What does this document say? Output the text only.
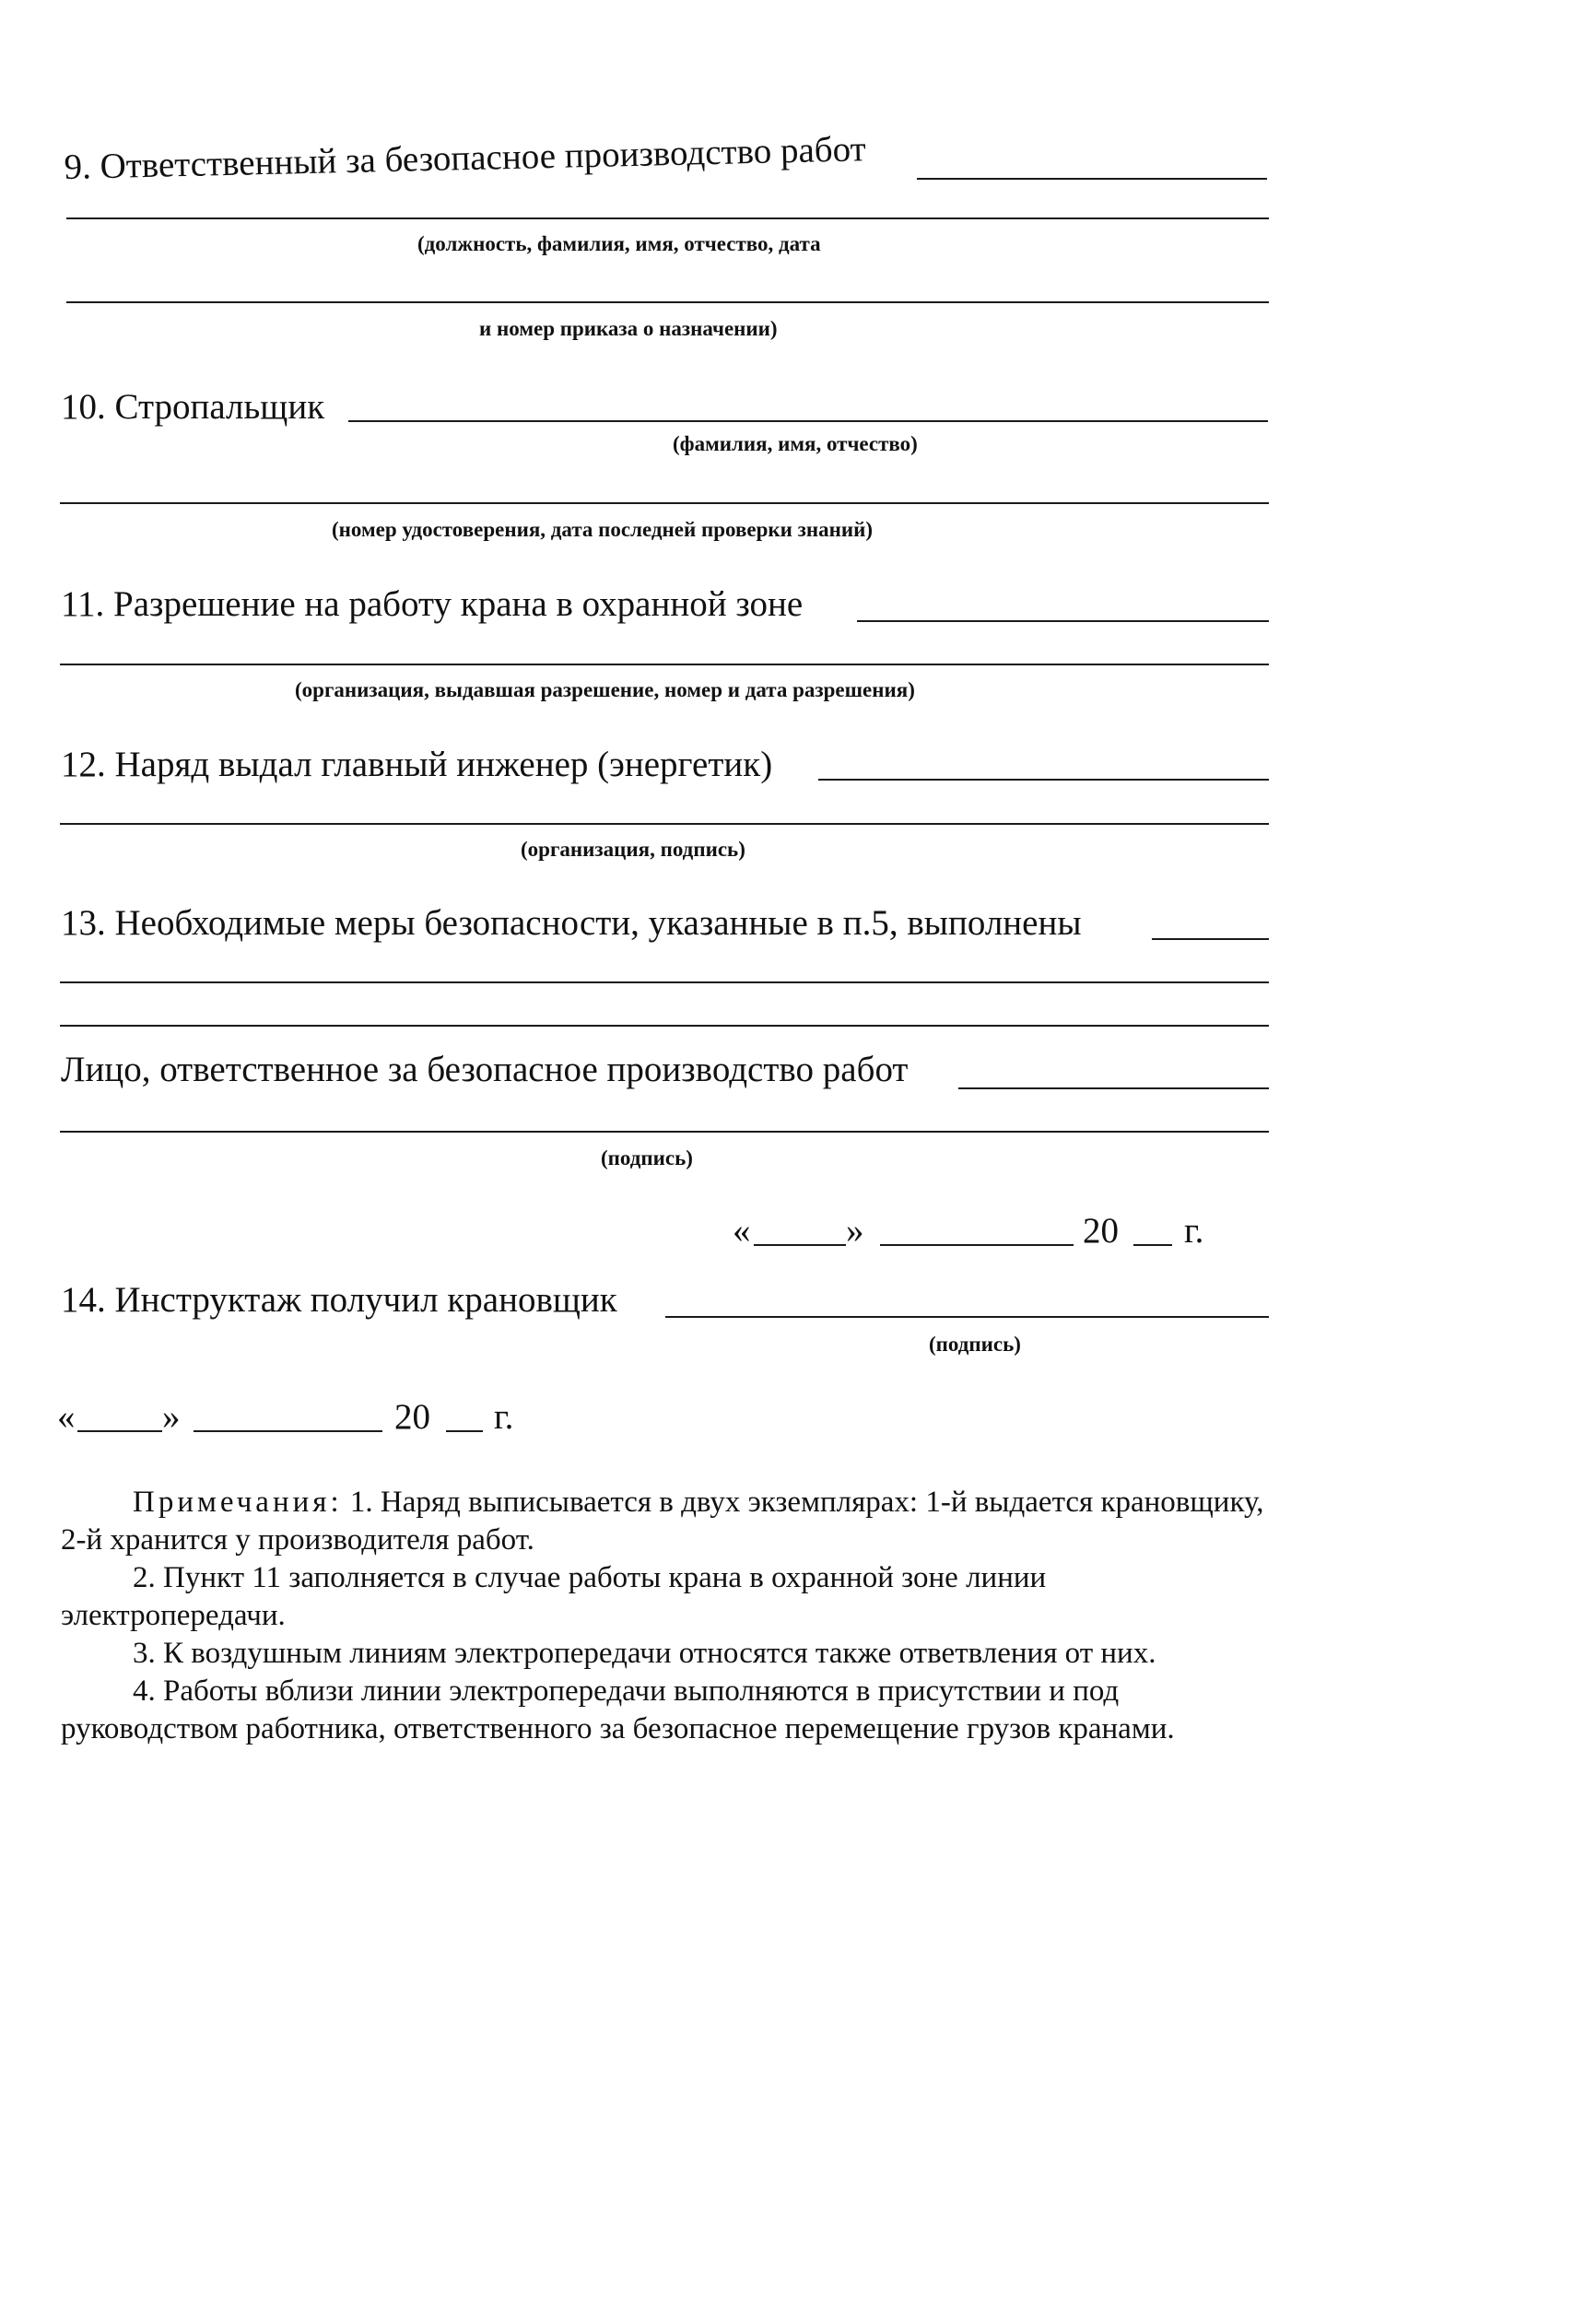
9. Ответственный за безопасное производство работ
(должность, фамилия, имя, отчество, дата
и номер приказа о назначении)
10. Стропальщик
(фамилия, имя, отчество)
(номер удостоверения, дата последней проверки знаний)
11. Разрешение на работу крана в охранной зоне
(организация, выдавшая разрешение, номер и дата разрешения)
12. Наряд выдал главный инженер (энергетик)
(организация, подпись)
13. Необходимые меры безопасности, указанные в п.5, выполнены
Лицо, ответственное за безопасное производство работ
(подпись)
«	»	20 г.
14. Инструктаж получил крановщик
(подпись)
« »	20 г.

Примечания: 1. Наряд выписывается в двух экземплярах: 1-й выдается крановщику, 2-й хранится у производителя работ.

2. Пункт 11 заполняется в случае работы крана в охранной зоне линии электропередачи.

3. К воздушным линиям электропередачи относятся также ответвления от них.

4. Работы вблизи линии электропередачи выполняются в присутствии и под руководством работника, ответственного за безопасное перемещение грузов кранами.
